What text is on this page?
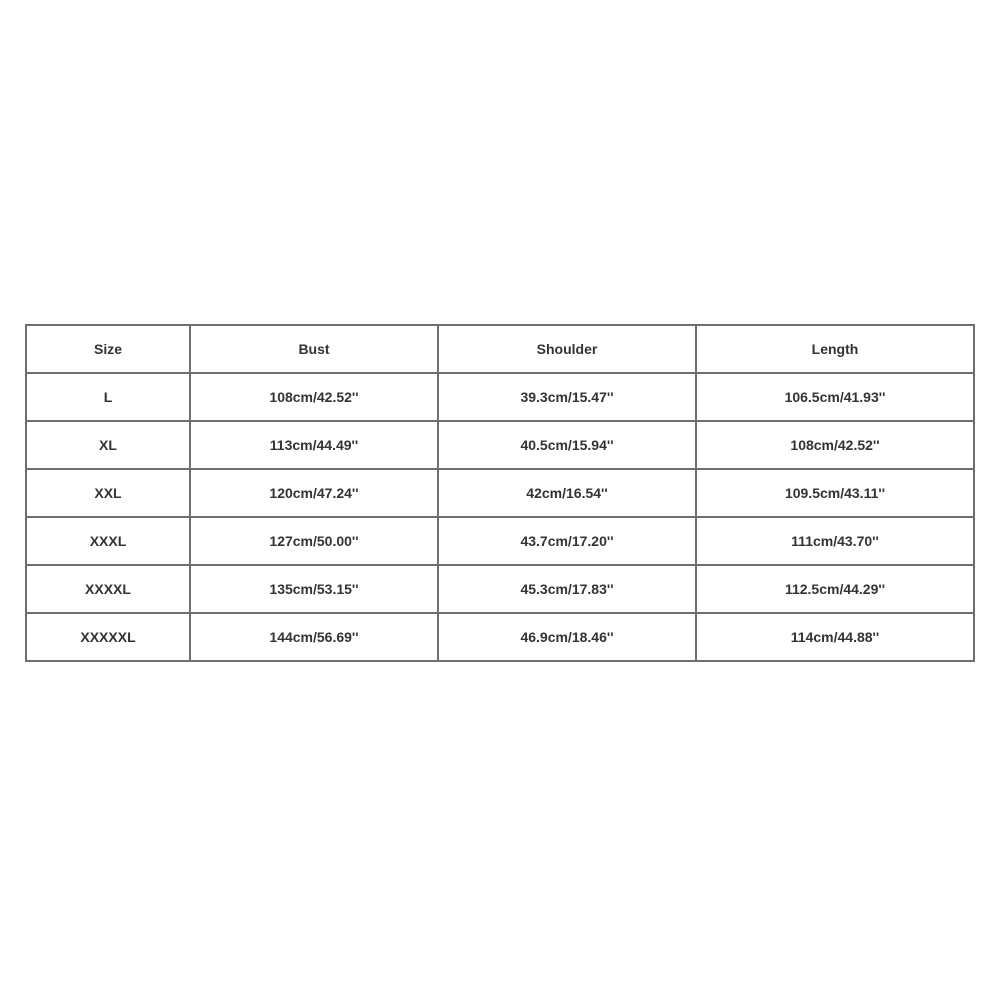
Size	Bust	Shoulder	Length
L	108cm/42.52''	39.3cm/15.47''	106.5cm/41.93''
XL	113cm/44.49''	40.5cm/15.94''	108cm/42.52''
XXL	120cm/47.24''	42cm/16.54''	109.5cm/43.11''
XXXL	127cm/50.00''	43.7cm/17.20''	111cm/43.70''
XXXXL	135cm/53.15''	45.3cm/17.83''	112.5cm/44.29''
XXXXXL	144cm/56.69''	46.9cm/18.46''	114cm/44.88''
